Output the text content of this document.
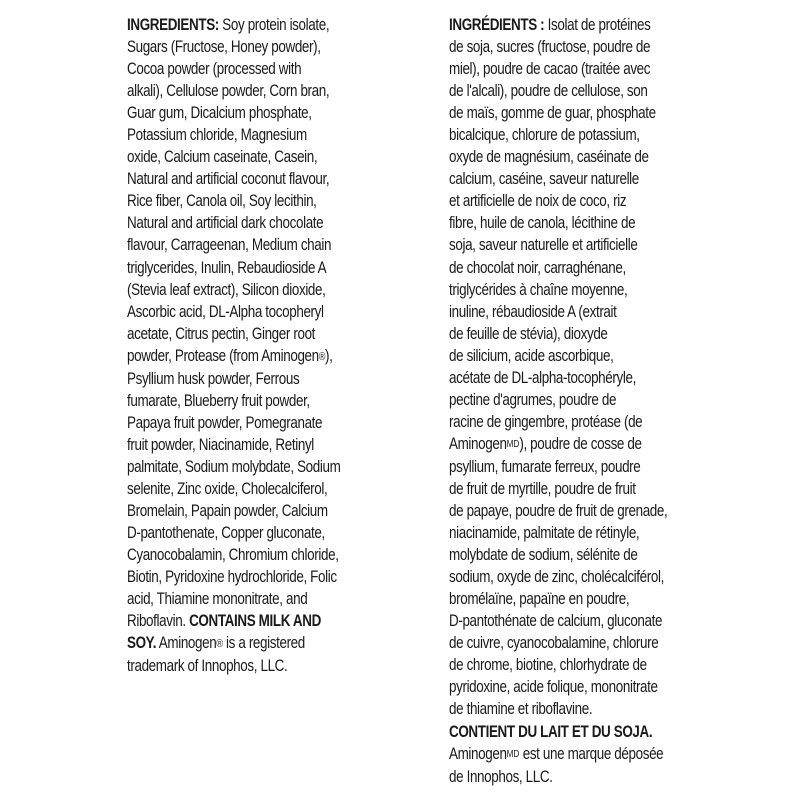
INGREDIENTS: Soy protein isolate,
Sugars (Fructose, Honey powder),
Cocoa powder (processed with
alkali), Cellulose powder, Corn bran,
Guar gum, Dicalcium phosphate,
Potassium chloride, Magnesium
oxide, Calcium caseinate, Casein,
Natural and artificial coconut flavour,
Rice fiber, Canola oil, Soy lecithin,
Natural and artificial dark chocolate
flavour, Carrageenan, Medium chain
triglycerides, Inulin, Rebaudioside A
(Stevia leaf extract), Silicon dioxide,
Ascorbic acid, DL-Alpha tocopheryl
acetate, Citrus pectin, Ginger root
powder, Protease (from Aminogen®),
Psyllium husk powder, Ferrous
fumarate, Blueberry fruit powder,
Papaya fruit powder, Pomegranate
fruit powder, Niacinamide, Retinyl
palmitate, Sodium molybdate, Sodium
selenite, Zinc oxide, Cholecalciferol,
Bromelain, Papain powder, Calcium
D-pantothenate, Copper gluconate,
Cyanocobalamin, Chromium chloride,
Biotin, Pyridoxine hydrochloride, Folic
acid, Thiamine mononitrate, and
Riboflavin. CONTAINS MILK AND
SOY. Aminogen® is a registered
trademark of Innophos, LLC.
INGRÉDIENTS : Isolat de protéines
de soja, sucres (fructose, poudre de
miel), poudre de cacao (traitée avec
de l'alcali), poudre de cellulose, son
de maïs, gomme de guar, phosphate
bicalcique, chlorure de potassium,
oxyde de magnésium, caséinate de
calcium, caséine, saveur naturelle
et artificielle de noix de coco, riz
fibre, huile de canola, lécithine de
soja, saveur naturelle et artificielle
de chocolat noir, carraghénane,
triglycérides à chaîne moyenne,
inuline, rébaudioside A (extrait
de feuille de stévia), dioxyde
de silicium, acide ascorbique,
acétate de DL-alpha-tocophéryle,
pectine d'agrumes, poudre de
racine de gingembre, protéase (de
AminogenMD), poudre de cosse de
psyllium, fumarate ferreux, poudre
de fruit de myrtille, poudre de fruit
de papaye, poudre de fruit de grenade,
niacinamide, palmitate de rétinyle,
molybdate de sodium, sélénite de
sodium, oxyde de zinc, cholécalciférol,
bromélaïne, papaïne en poudre,
D-pantothénate de calcium, gluconate
de cuivre, cyanocobalamine, chlorure
de chrome, biotine, chlorhydrate de
pyridoxine, acide folique, mononitrate
de thiamine et riboflavine.
CONTIENT DU LAIT ET DU SOJA.
AminogenMD est une marque déposée
de Innophos, LLC.
